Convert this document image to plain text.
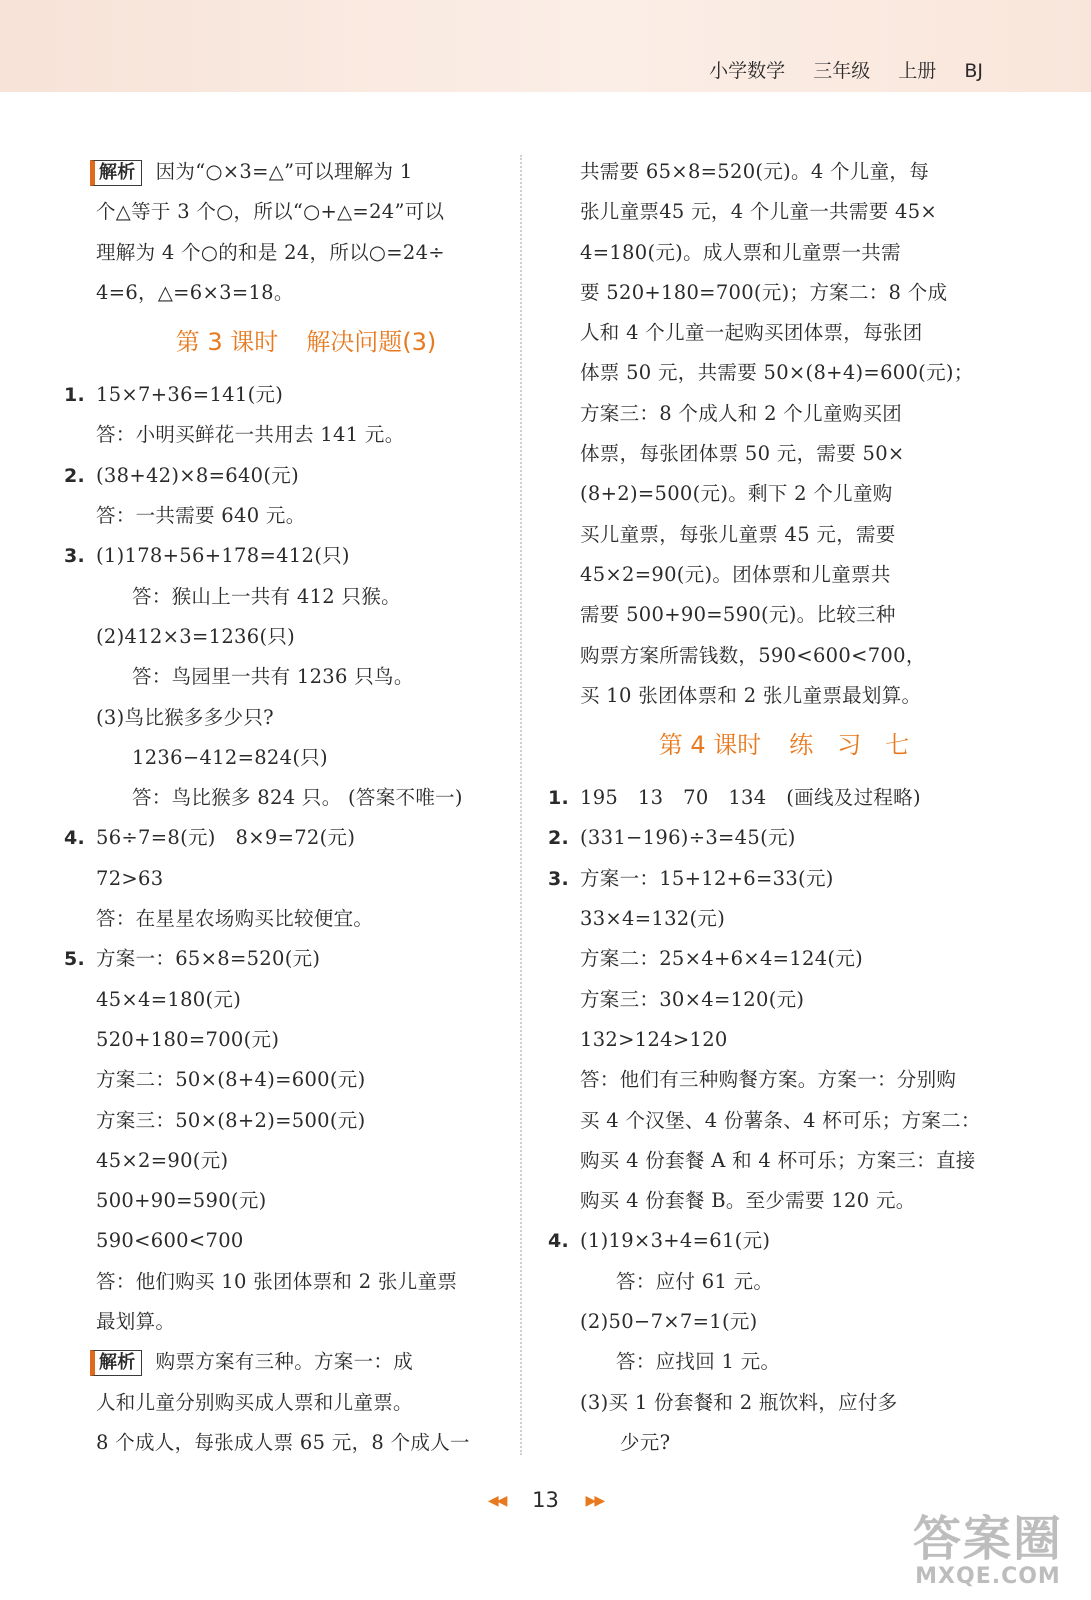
小学数学 三年级 上册 BJ
解析 因为“○×3=△”可以理解为 1
个△等于 3 个○，所以“○+△=24”可以
理解为 4 个○的和是 24，所以○=24÷
4=6，△=6×3=18。
第 3 课时 解决问题(3)
1. 15×7+36=141(元)
答：小明买鲜花一共用去 141 元。
2. (38+42)×8=640(元)
答：一共需要 640 元。
3. (1)178+56+178=412(只)
答：猴山上一共有 412 只猴。
(2)412×3=1236(只)
答：鸟园里一共有 1236 只鸟。
(3)鸟比猴多多少只?
1236−412=824(只)
答：鸟比猴多 824 只。 (答案不唯一)
4. 56÷7=8(元)　8×9=72(元)
72>63
答：在星星农场购买比较便宜。
5. 方案一：65×8=520(元)
45×4=180(元)
520+180=700(元)
方案二：50×(8+4)=600(元)
方案三：50×(8+2)=500(元)
45×2=90(元)
500+90=590(元)
590<600<700
答：他们购买 10 张团体票和 2 张儿童票
最划算。
解析 购票方案有三种。方案一：成
人和儿童分别购买成人票和儿童票。
8 个成人，每张成人票 65 元，8 个成人一
共需要 65×8=520(元)。4 个儿童，每
张儿童票45 元，4 个儿童一共需要 45×
4=180(元)。成人票和儿童票一共需
要 520+180=700(元)；方案二：8 个成
人和 4 个儿童一起购买团体票，每张团
体票 50 元，共需要 50×(8+4)=600(元)；
方案三：8 个成人和 2 个儿童购买团
体票，每张团体票 50 元，需要 50×
(8+2)=500(元)。剩下 2 个儿童购
买儿童票，每张儿童票 45 元，需要
45×2=90(元)。团体票和儿童票共
需要 500+90=590(元)。比较三种
购票方案所需钱数，590<600<700，
买 10 张团体票和 2 张儿童票最划算。
第 4 课时 练　习　七
1. 195　13　70　134　(画线及过程略)
2. (331−196)÷3=45(元)
3. 方案一：15+12+6=33(元)
33×4=132(元)
方案二：25×4+6×4=124(元)
方案三：30×4=120(元)
132>124>120
答：他们有三种购餐方案。方案一：分别购
买 4 个汉堡、4 份薯条、4 杯可乐；方案二：
购买 4 份套餐 A 和 4 杯可乐；方案三：直接
购买 4 份套餐 B。至少需要 120 元。
4. (1)19×3+4=61(元)
答：应付 61 元。
(2)50−7×7=1(元)
答：应找回 1 元。
(3)买 1 份套餐和 2 瓶饮料，应付多
少元?
◀◀ 13 ▶▶
答案圈
MXQE.COM
